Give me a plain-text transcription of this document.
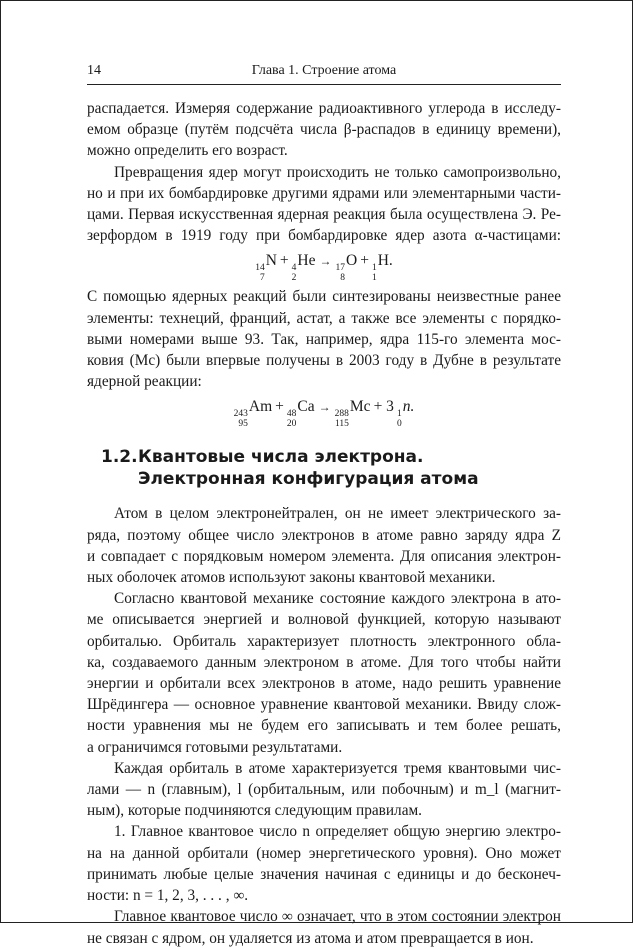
14	Глава 1. Строение атома

распадается. Измеряя содержание радиоактивного углерода в исследу-
емом образце (путём подсчёта числа β-распадов в единицу времени),
можно определить его возраст.

Превращения ядер могут происходить не только самопроизвольно,
но и при их бомбардировке другими ядрами или элементарными части-
цами. Первая искусственная ядерная реакция была осуществлена Э. Ре-
зерфордом в 1919 году при бомбардировке ядер азота α-частицами:

14
7
N + 4
2
He → 17
8
O + 1
1
H.

С помощью ядерных реакций были синтезированы неизвестные ранее
элементы: технеций, франций, астат, а также все элементы с порядко-
выми номерами выше 93. Так, например, ядра 115-го элемента мос-
ковия (Mc) были впервые получены в 2003 году в Дубне в результате
ядерной реакции:

243
95
Am + 48
20
Ca → 288
115
Mc + 3 1
0
n.
1.2.Квантовые числа электрона.
Электронная конфигурация атома

Атом в целом электронейтрален, он не имеет электрического за-
ряда, поэтому общее число электронов в атоме равно заряду ядра Z
и совпадает с порядковым номером элемента. Для описания электрон-
ных оболочек атомов используют законы квантовой механики.

Согласно квантовой механике состояние каждого электрона в ато-
ме описывается энергией и волновой функцией, которую называют
орбиталью. Орбиталь характеризует плотность электронного обла-
ка, создаваемого данным электроном в атоме. Для того чтобы найти
энергии и орбитали всех электронов в атоме, надо решить уравнение
Шрёдингера — основное уравнение квантовой механики. Ввиду слож-
ности уравнения мы не будем его записывать и тем более решать,
а ограничимся готовыми результатами.

Каждая орбиталь в атоме характеризуется тремя квантовыми чис-
лами — n (главным), l (орбитальным, или побочным) и m_l (магнит-
ным), которые подчиняются следующим правилам.

1. Главное квантовое число n определяет общую энергию электро-
на на данной орбитали (номер энергетического уровня). Оно может
принимать любые целые значения начиная с единицы и до бесконеч-
ности: n = 1, 2, 3, . . . , ∞.

Главное квантовое число ∞ означает, что в этом состоянии электрон
не связан с ядром, он удаляется из атома и атом превращается в ион.
